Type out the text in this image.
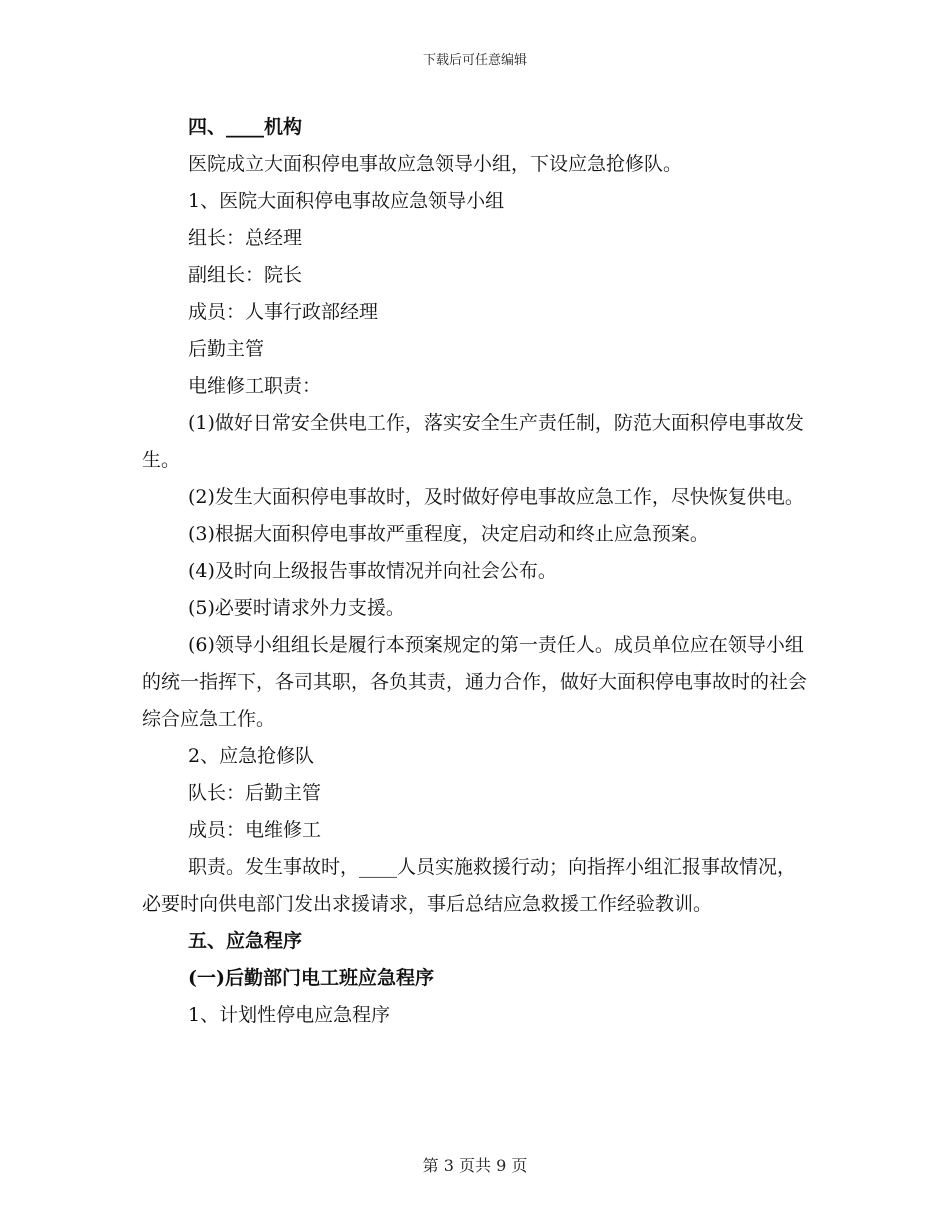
下载后可任意编辑

四、____机构

医院成立大面积停电事故应急领导小组，下设应急抢修队。

1、医院大面积停电事故应急领导小组

组长：总经理

副组长：院长

成员：人事行政部经理

后勤主管

电维修工职责：

(1)做好日常安全供电工作，落实安全生产责任制，防范大面积停电事故发生。

(2)发生大面积停电事故时，及时做好停电事故应急工作，尽快恢复供电。

(3)根据大面积停电事故严重程度，决定启动和终止应急预案。

(4)及时向上级报告事故情况并向社会公布。

(5)必要时请求外力支援。

(6)领导小组组长是履行本预案规定的第一责任人。成员单位应在领导小组的统一指挥下，各司其职，各负其责，通力合作，做好大面积停电事故时的社会综合应急工作。

2、应急抢修队

队长：后勤主管

成员：电维修工

职责。发生事故时，____人员实施救援行动；向指挥小组汇报事故情况，必要时向供电部门发出求援请求，事后总结应急救援工作经验教训。

五、应急程序

(一)后勤部门电工班应急程序

1、计划性停电应急程序

第 3 页共 9 页
